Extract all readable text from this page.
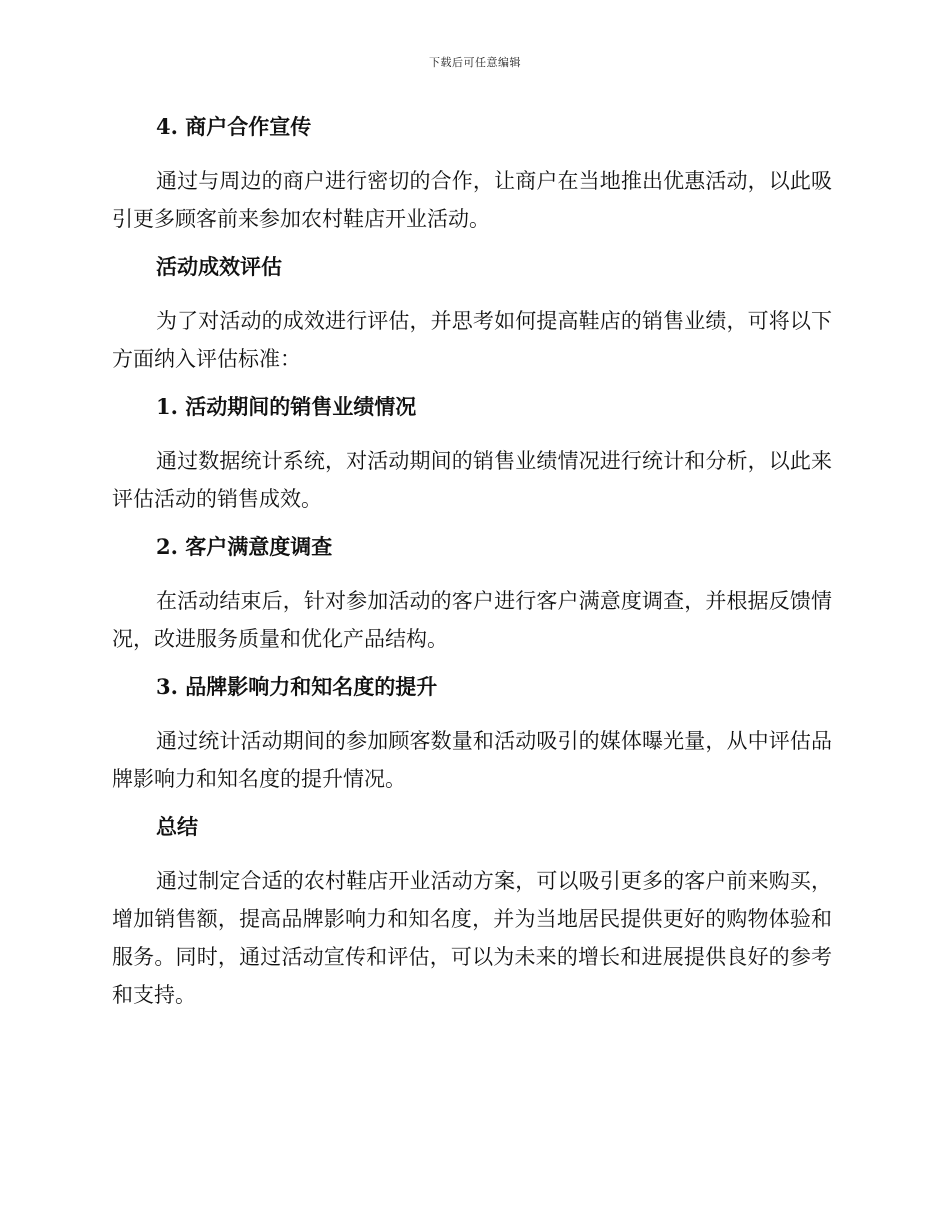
下载后可任意编辑
4. 商户合作宣传

通过与周边的商户进行密切的合作，让商户在当地推出优惠活动，以此吸引更多顾客前来参加农村鞋店开业活动。

活动成效评估

为了对活动的成效进行评估，并思考如何提高鞋店的销售业绩，可将以下方面纳入评估标准：

1. 活动期间的销售业绩情况

通过数据统计系统，对活动期间的销售业绩情况进行统计和分析，以此来评估活动的销售成效。

2. 客户满意度调查

在活动结束后，针对参加活动的客户进行客户满意度调查，并根据反馈情况，改进服务质量和优化产品结构。

3. 品牌影响力和知名度的提升

通过统计活动期间的参加顾客数量和活动吸引的媒体曝光量，从中评估品牌影响力和知名度的提升情况。

总结

通过制定合适的农村鞋店开业活动方案，可以吸引更多的客户前来购买，增加销售额，提高品牌影响力和知名度，并为当地居民提供更好的购物体验和服务。同时，通过活动宣传和评估，可以为未来的增长和进展提供良好的参考和支持。
